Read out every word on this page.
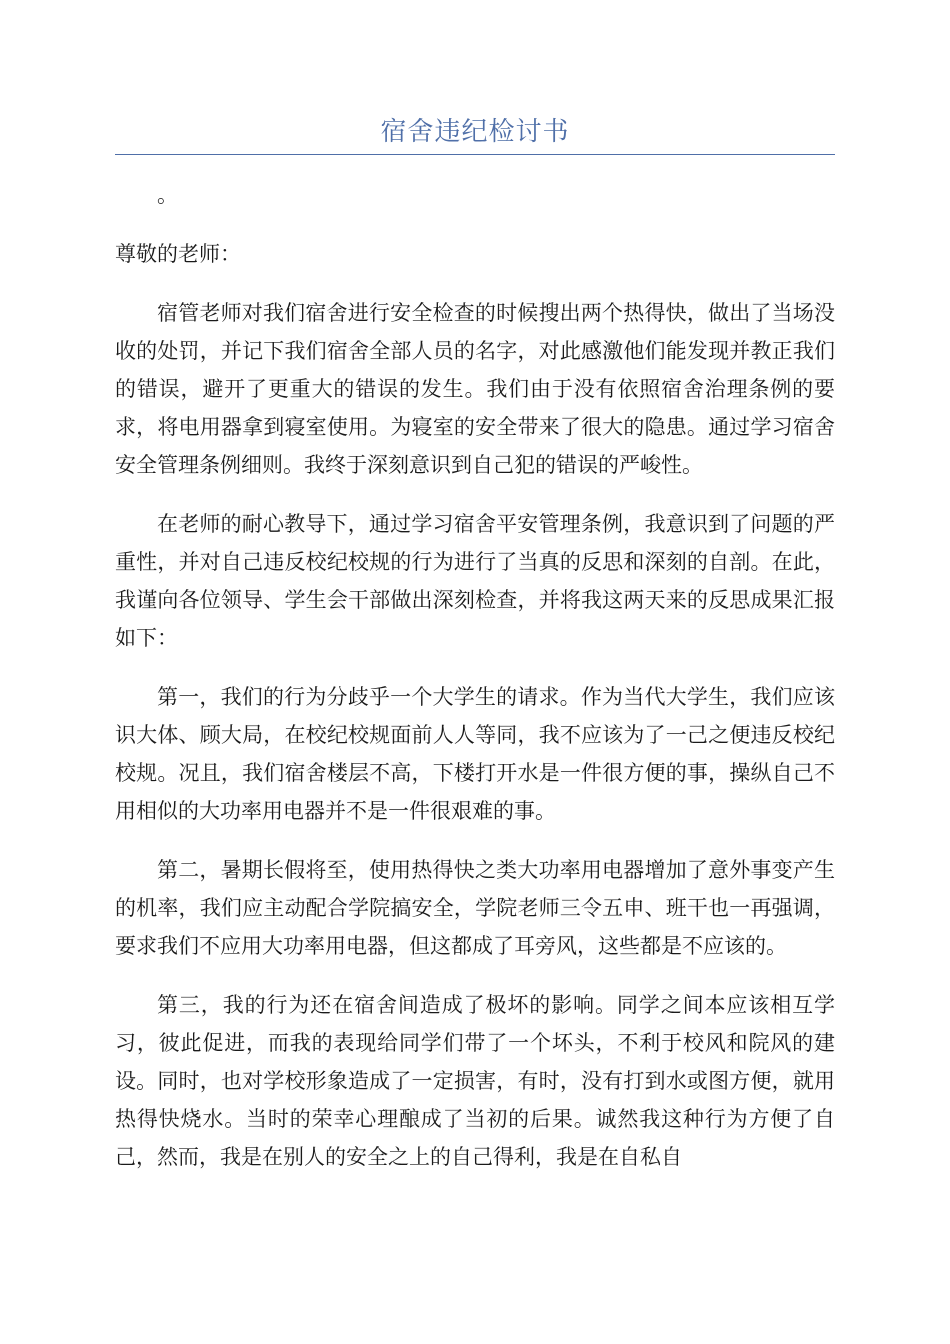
宿舍违纪检讨书

。

尊敬的老师：

宿管老师对我们宿舍进行安全检查的时候搜出两个热得快，做出了当场没收的处罚，并记下我们宿舍全部人员的名字，对此感激他们能发现并教正我们的错误，避开了更重大的错误的发生。我们由于没有依照宿舍治理条例的要求，将电用器拿到寝室使用。为寝室的安全带来了很大的隐患。通过学习宿舍安全管理条例细则。我终于深刻意识到自己犯的错误的严峻性。

在老师的耐心教导下，通过学习宿舍平安管理条例，我意识到了问题的严重性，并对自己违反校纪校规的行为进行了当真的反思和深刻的自剖。在此，我谨向各位领导、学生会干部做出深刻检查，并将我这两天来的反思成果汇报如下：

第一，我们的行为分歧乎一个大学生的请求。作为当代大学生，我们应该识大体、顾大局，在校纪校规面前人人等同，我不应该为了一己之便违反校纪校规。况且，我们宿舍楼层不高，下楼打开水是一件很方便的事，操纵自己不用相似的大功率用电器并不是一件很艰难的事。

第二，暑期长假将至，使用热得快之类大功率用电器增加了意外事变产生的机率，我们应主动配合学院搞安全，学院老师三令五申、班干也一再强调，要求我们不应用大功率用电器，但这都成了耳旁风，这些都是不应该的。

第三，我的行为还在宿舍间造成了极坏的影响。同学之间本应该相互学习，彼此促进，而我的表现给同学们带了一个坏头，不利于校风和院风的建设。同时，也对学校形象造成了一定损害，有时，没有打到水或图方便，就用热得快烧水。当时的荣幸心理酿成了当初的后果。诚然我这种行为方便了自己，然而，我是在别人的安全之上的自己得利，我是在自私自
